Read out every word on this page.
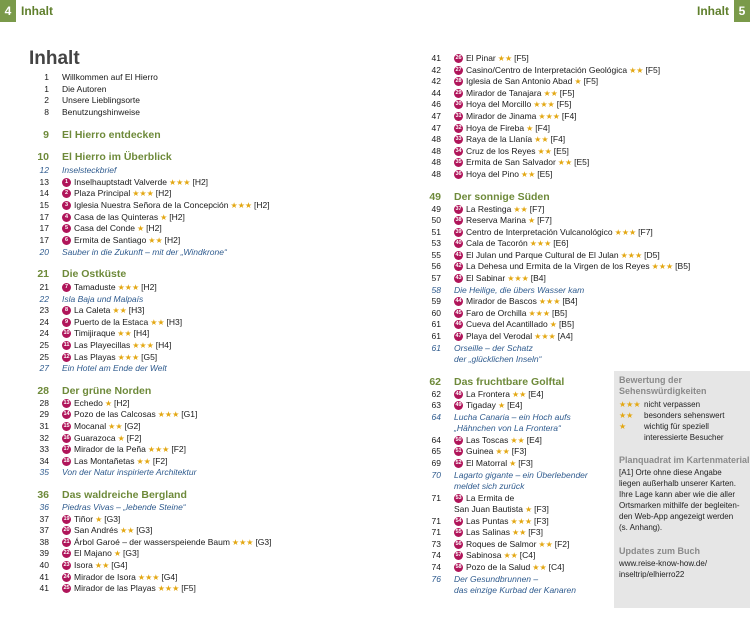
4 Inhalt	Inhalt 5
Inhalt
1 Willkommen auf El Hierro
1 Die Autoren
2 Unsere Lieblingsorte
8 Benutzungshinweise
9 El Hierro entdecken
10 El Hierro im Überblick
12 Inselsteckbrief
13	1 Inselhauptstadt Valverde ★★★ [H2]
14	2 Plaza Principal ★★★ [H2]
15	3 Iglesia Nuestra Señora de la Concepción ★★★ [H2]
17	4 Casa de las Quinteras ★ [H2]
17	5 Casa del Conde ★ [H2]
17	6 Ermita de Santiago ★★ [H2]
20 Sauber in die Zukunft – mit der „Windkrone“
21 Die Ostküste
21	7 Tamaduste ★★★ [H2]
22 Isla Baja und Malpaís
23	8 La Caleta ★★ [H3]
24	9 Puerto de la Estaca ★★ [H3]
24	10 Timijiraque ★★ [H4]
25	11 Las Playecillas ★★★ [H4]
25	12 Las Playas ★★★ [G5]
27 Ein Hotel am Ende der Welt
28 Der grüne Norden
28	13 Echedo ★ [H2]
29	14 Pozo de las Calcosas ★★★ [G1]
31	15 Mocanal ★★ [G2]
32	16 Guarazoca ★ [F2]
33	17 Mirador de la Peña ★★★ [F2]
34	18 Las Montañetas ★★ [F2]
35 Von der Natur inspirierte Architektur
36 Das waldreiche Bergland
36 Piedras Vivas – „lebende Steine“
37	19 Tiñor ★ [G3]
37	20 San Andrés ★★ [G3]
38	21 Árbol Garoé – der wasserspeiende Baum ★★★ [G3]
39	22 El Majano ★ [G3]
40	23 Isora ★★ [G4]
41	24 Mirador de Isora ★★★ [G4]
41	25 Mirador de las Playas ★★★ [F5]
41	26 El Pinar ★★ [F5]
42	27 Casino/Centro de Interpretación Geológica ★★ [F5]
42	28 Iglesia de San Antonio Abad ★ [F5]
44	29 Mirador de Tanajara ★★ [F5]
46	30 Hoya del Morcillo ★★★ [F5]
47	31 Mirador de Jinama ★★★ [F4]
47	32 Hoya de Fireba ★ [F4]
48	33 Raya de la Llanía ★★ [F4]
48	34 Cruz de los Reyes ★★ [E5]
48	35 Ermita de San Salvador ★★ [E5]
48	36 Hoya del Pino ★★ [E5]
49 Der sonnige Süden
49	37 La Restinga ★★ [F7]
50	38 Reserva Marina ★ [F7]
51	39 Centro de Interpretación Vulcanológico ★★★ [F7]
53	40 Cala de Tacorón ★★★ [E6]
55	41 El Julan und Parque Cultural de El Julan ★★★ [D5]
56	42 La Dehesa und Ermita de la Virgen de los Reyes ★★★ [B5]
57	43 El Sabinar ★★★ [B4]
58 Die Heilige, die übers Wasser kam
59	44 Mirador de Bascos ★★★ [B4]
60	45 Faro de Orchilla ★★★ [B5]
61	46 Cueva del Acantillado ★ [B5]
61	47 Playa del Verodal ★★★ [A4]
61 Orseille – der Schatz
der „glücklichen Inseln“
62 Das fruchtbare Golftal
62	48 La Frontera ★★ [E4]
63	49 Tigaday ★ [E4]
64 Lucha Canaria – ein Hoch aufs
„Hähnchen von La Frontera“
64	50 Las Toscas ★★ [E4]
65	51 Guinea ★★ [F3]
69	52 El Matorral ★ [F3]
70 Lagarto gigante – ein Überlebender
meldet sich zurück
71	53 La Ermita de
San Juan Bautista ★ [F3]
71	54 Las Puntas ★★★ [F3]
71	55 Las Salinas ★★ [F3]
73	56 Roques de Salmor ★★ [F2]
74	57 Sabinosa ★★ [C4]
74	58 Pozo de la Salud ★★ [C4]
76 Der Gesundbrunnen –
das einzige Kurbad der Kanaren
Bewertung der
Sehenswürdigkeiten
★★★ nicht verpassen
★★ besonders sehenswert
★ wichtig für speziell
interessierte Besucher
Planquadrat im Kartenmaterial
[A1] Orte ohne diese Angabe
liegen außerhalb unserer Karten.
Ihre Lage kann aber wie die aller
Ortsmarken mithilfe der begleiten-
den Web-App angezeigt werden
(s. Anhang).
Updates zum Buch
www.reise-know-how.de/
inseltrip/elhierro22
